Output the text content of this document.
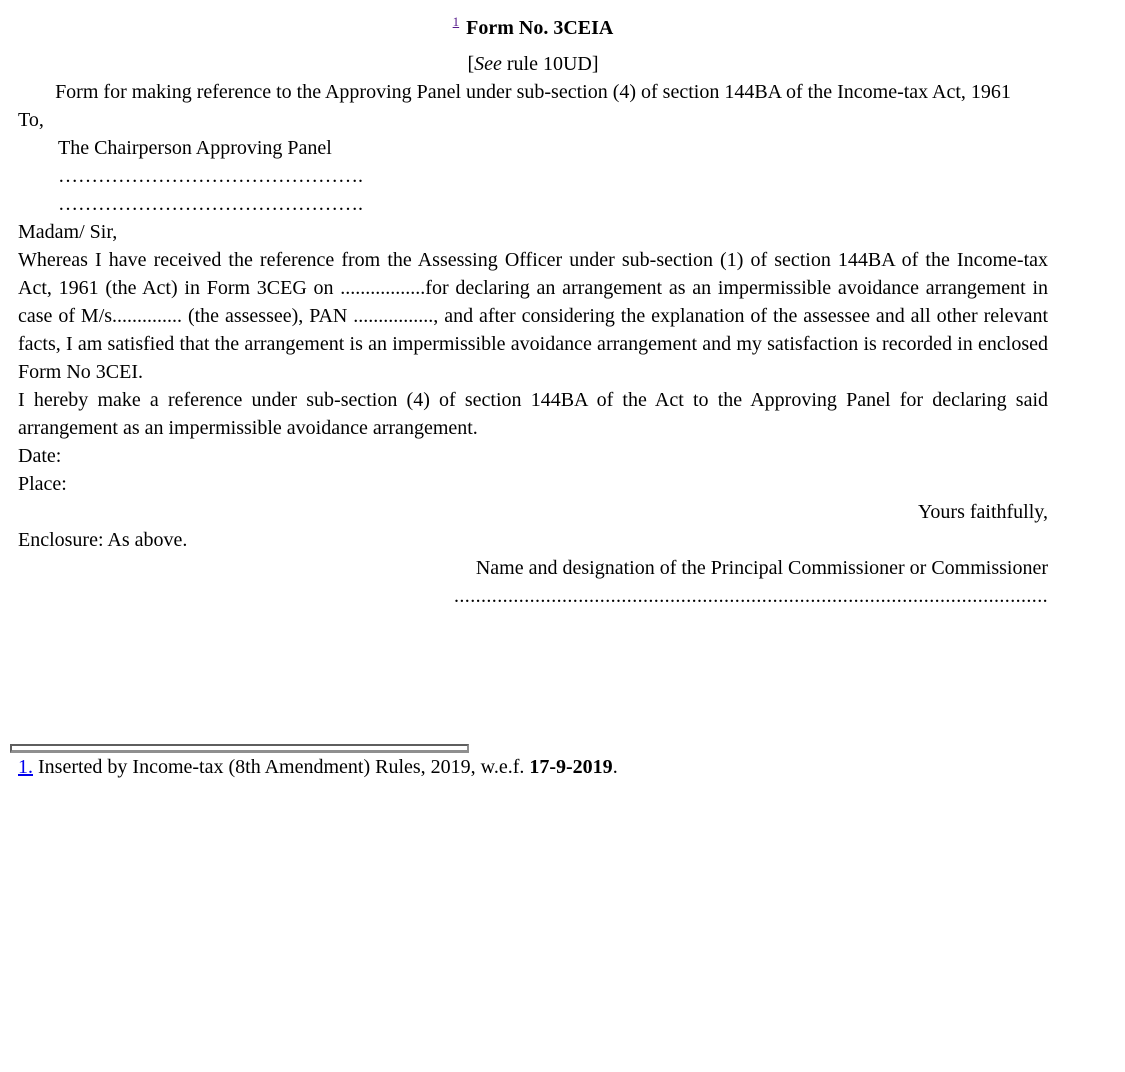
$^1$ Form No. 3CEIA
[See rule 10UD]

Form for making reference to the Approving Panel under sub-section (4) of section 144BA of the Income-tax Act, 1961

To,

The Chairperson Approving Panel

……………………………………….

……………………………………….

Madam/ Sir,

Whereas I have received the reference from the Assessing Officer under sub-section (1) of section 144BA of the Income-tax Act, 1961 (the Act) in Form 3CEG on .................for declaring an arrangement as an impermissible avoidance arrangement in case of M/s.............. (the assessee), PAN ................, and after considering the explanation of the assessee and all other relevant facts, I am satisfied that the arrangement is an impermissible avoidance arrangement and my satisfaction is recorded in enclosed Form No 3CEI.

I hereby make a reference under sub-section (4) of section 144BA of the Act to the Approving Panel for declaring said arrangement as an impermissible avoidance arrangement.

Date:

Place:

Yours faithfully,

Enclosure: As above.

Name and designation of the Principal Commissioner or Commissioner

..............................................................................................................

1. Inserted by Income-tax (8th Amendment) Rules, 2019, w.e.f. 17-9-2019.
